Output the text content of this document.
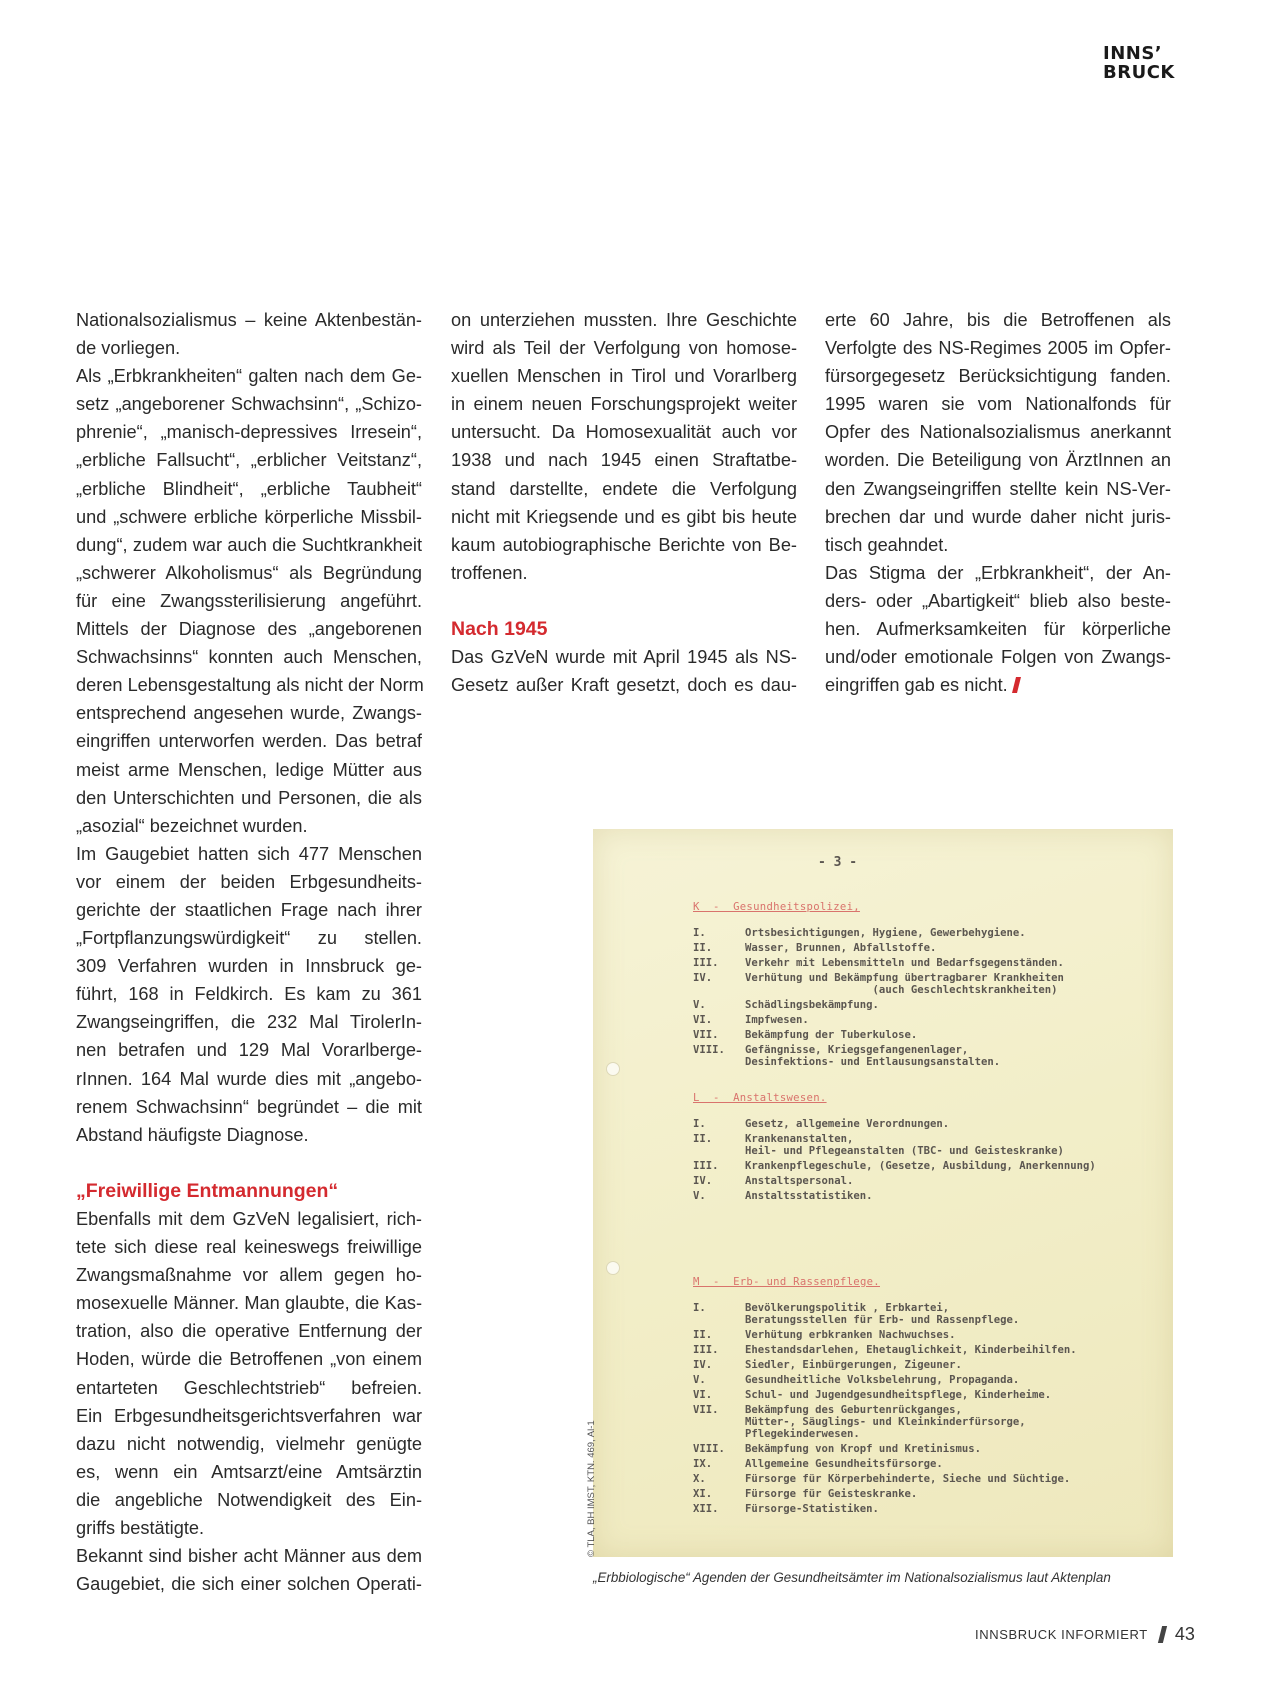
INNS’
BRUCK
Nationalsozialismus – keine Aktenbestän-
de vorliegen.
Als „Erbkrankheiten“ galten nach dem Ge-
setz „angeborener Schwachsinn“, „Schizo-
phrenie“, „manisch-depressives Irresein“,
„erbliche Fallsucht“, „erblicher Veitstanz“,
„erbliche Blindheit“, „erbliche Taubheit“
und „schwere erbliche körperliche Missbil-
dung“, zudem war auch die Suchtkrankheit
„schwerer Alkoholismus“ als Begründung
für eine Zwangssterilisierung angeführt.
Mittels der Diagnose des „angeborenen
Schwachsinns“ konnten auch Menschen,
deren Lebensgestaltung als nicht der Norm
entsprechend angesehen wurde, Zwangs-
eingriffen unterworfen werden. Das betraf
meist arme Menschen, ledige Mütter aus
den Unterschichten und Personen, die als
„asozial“ bezeichnet wurden.
Im Gaugebiet hatten sich 477 Menschen
vor einem der beiden Erbgesundheits-
gerichte der staatlichen Frage nach ihrer
„Fortpflanzungswürdigkeit“ zu stellen.
309 Verfahren wurden in Innsbruck ge-
führt, 168 in Feldkirch. Es kam zu 361
Zwangseingriffen, die 232 Mal TirolerIn-
nen betrafen und 129 Mal Vorarlberge-
rInnen. 164 Mal wurde dies mit „angebo-
renem Schwachsinn“ begründet – die mit
Abstand häufigste Diagnose.
„Freiwillige Entmannungen“
Ebenfalls mit dem GzVeN legalisiert, rich-
tete sich diese real keineswegs freiwillige
Zwangsmaßnahme vor allem gegen ho-
mosexuelle Männer. Man glaubte, die Kas-
tration, also die operative Entfernung der
Hoden, würde die Betroffenen „von einem
entarteten Geschlechtstrieb“ befreien.
Ein Erbgesundheitsgerichtsverfahren war
dazu nicht notwendig, vielmehr genügte
es, wenn ein Amtsarzt/eine Amtsärztin
die angebliche Notwendigkeit des Ein-
griffs bestätigte.
Bekannt sind bisher acht Männer aus dem
Gaugebiet, die sich einer solchen Operati-
on unterziehen mussten. Ihre Geschichte
wird als Teil der Verfolgung von homose-
xuellen Menschen in Tirol und Vorarlberg
in einem neuen Forschungsprojekt weiter
untersucht. Da Homosexualität auch vor
1938 und nach 1945 einen Straftatbe-
stand darstellte, endete die Verfolgung
nicht mit Kriegsende und es gibt bis heute
kaum autobiographische Berichte von Be-
troffenen.
Nach 1945
Das GzVeN wurde mit April 1945 als NS-
Gesetz außer Kraft gesetzt, doch es dau-
erte 60 Jahre, bis die Betroffenen als
Verfolgte des NS-Regimes 2005 im Opfer-
fürsorgegesetz Berücksichtigung fanden.
1995 waren sie vom Nationalfonds für
Opfer des Nationalsozialismus anerkannt
worden. Die Beteiligung von ÄrztInnen an
den Zwangseingriffen stellte kein NS-Ver-
brechen dar und wurde daher nicht juris-
tisch geahndet.
Das Stigma der „Erbkrankheit“, der An-
ders- oder „Abartigkeit“ blieb also beste-
hen. Aufmerksamkeiten für körperliche
und/oder emotionale Folgen von Zwangs-
eingriffen gab es nicht.
- 3 -
K  -  Gesundheitspolizei,
I.	Ortsbesichtigungen, Hygiene, Gewerbehygiene.
II.	Wasser, Brunnen, Abfallstoffe.
III.	Verkehr mit Lebensmitteln und Bedarfsgegenständen.
IV.	Verhütung und Bekämpfung übertragbarer Krankheiten
(auch Geschlechtskrankheiten)
V.	Schädlingsbekämpfung.
VI.	Impfwesen.
VII.	Bekämpfung der Tuberkulose.
VIII.	Gefängnisse, Kriegsgefangenenlager,
Desinfektions- und Entlausungsanstalten.
L  -  Anstaltswesen.
I.	Gesetz, allgemeine Verordnungen.
II.	Krankenanstalten,
Heil- und Pflegeanstalten (TBC- und Geisteskranke)
III.	Krankenpflegeschule, (Gesetze, Ausbildung, Anerkennung)
IV.	Anstaltspersonal.
V.	Anstaltsstatistiken.
M  -  Erb- und Rassenpflege.
I.	Bevölkerungspolitik , Erbkartei,
Beratungsstellen für Erb- und Rassenpflege.
II.	Verhütung erbkranken Nachwuchses.
III.	Ehestandsdarlehen, Ehetauglichkeit, Kinderbeihilfen.
IV.	Siedler, Einbürgerungen, Zigeuner.
V.	Gesundheitliche Volksbelehrung, Propaganda.
VI.	Schul- und Jugendgesundheitspflege, Kinderheime.
VII.	Bekämpfung des Geburtenrückganges,
Mütter-, Säuglings- und Kleinkinderfürsorge,
Pflegekinderwesen.
VIII.	Bekämpfung von Kropf und Kretinismus.
IX.	Allgemeine Gesundheitsfürsorge.
X.	Fürsorge für Körperbehinderte, Sieche und Süchtige.
XI.	Fürsorge für Geisteskranke.
XII.	Fürsorge-Statistiken.
© TLA, BH IMST, KTN. 469, Al-1
„Erbbiologische“ Agenden der Gesundheitsämter im Nationalsozialismus laut Aktenplan
INNSBRUCK INFORMIERT 43
